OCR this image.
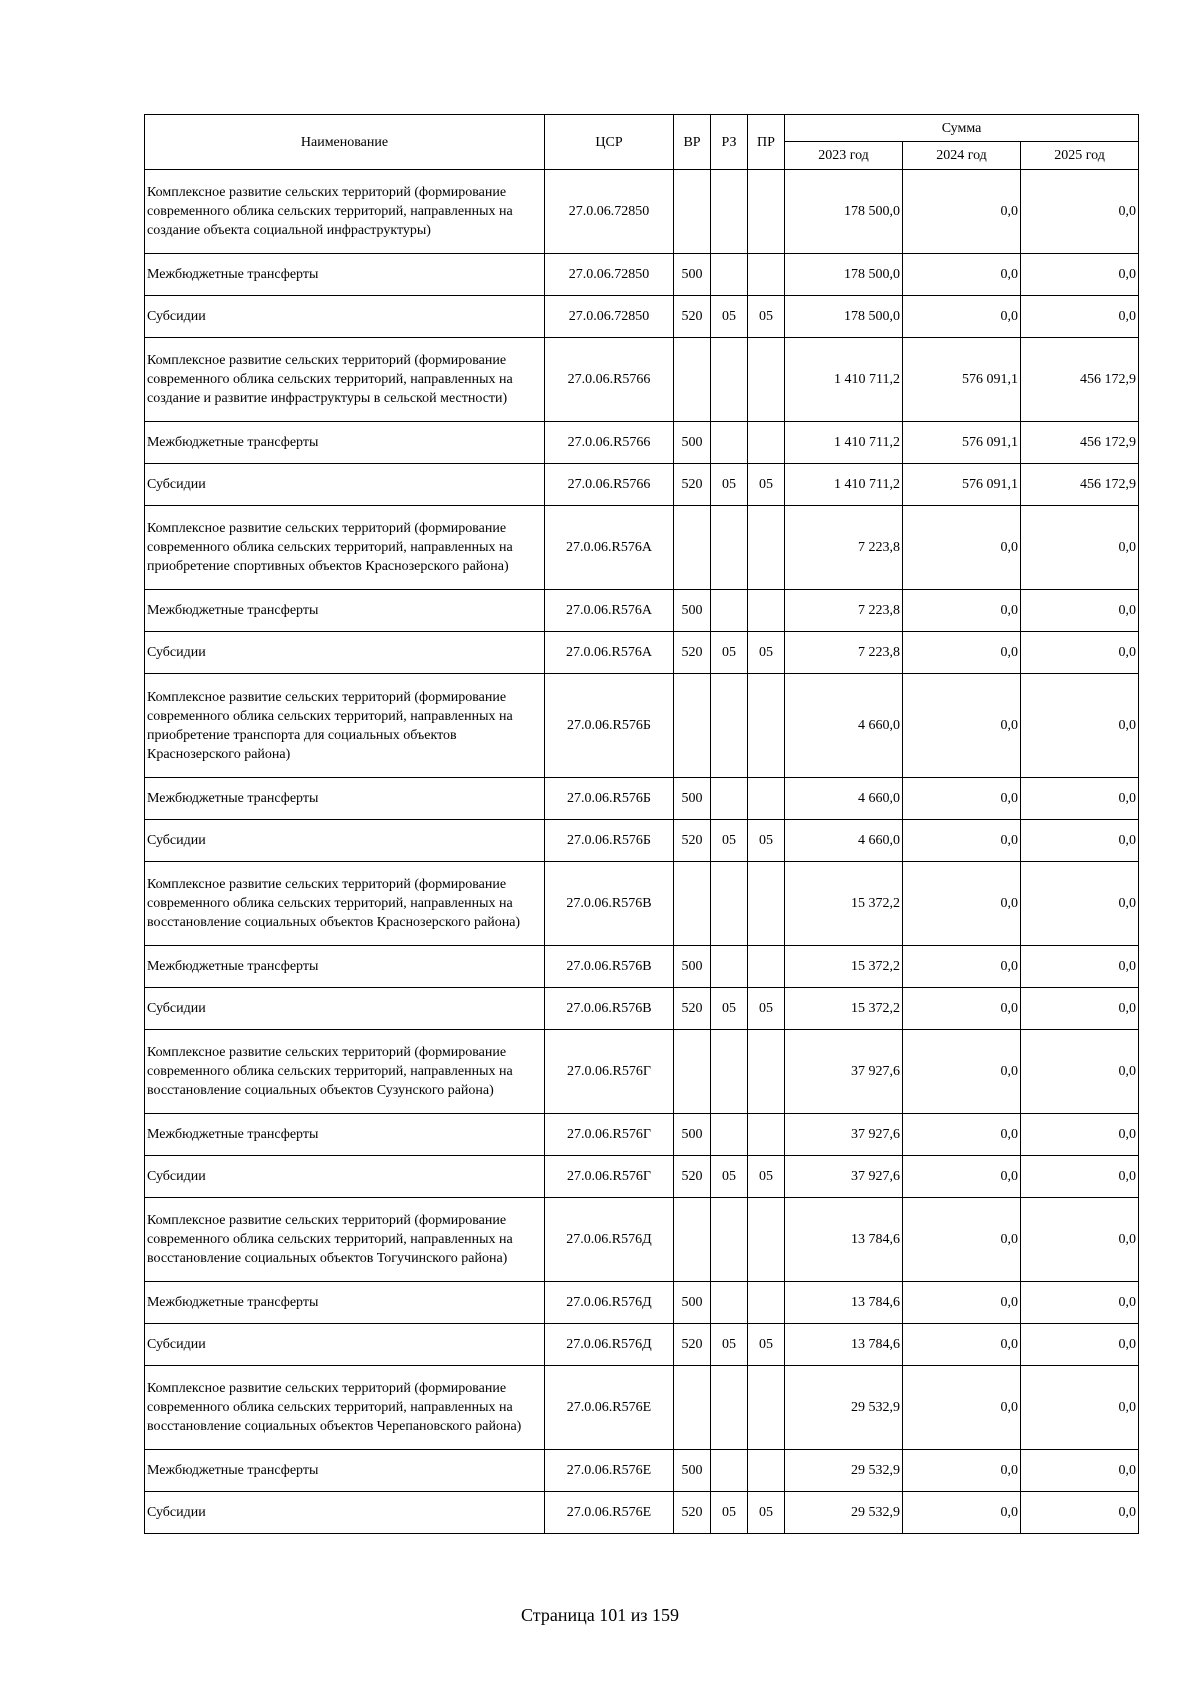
Наименование	ЦСР	ВР	РЗ	ПР	Сумма		
					2023 год	2024 год	2025 год
Комплексное развитие сельских территорий (формирование современного облика сельских территорий, направленных на создание объекта социальной инфраструктуры)	27.0.06.72850				178 500,0	0,0	0,0
Межбюджетные трансферты	27.0.06.72850	500			178 500,0	0,0	0,0
Субсидии	27.0.06.72850	520	05	05	178 500,0	0,0	0,0
Комплексное развитие сельских территорий (формирование современного облика сельских территорий, направленных на создание и развитие инфраструктуры в сельской местности)	27.0.06.R5766				1 410 711,2	576 091,1	456 172,9
Межбюджетные трансферты	27.0.06.R5766	500			1 410 711,2	576 091,1	456 172,9
Субсидии	27.0.06.R5766	520	05	05	1 410 711,2	576 091,1	456 172,9
Комплексное развитие сельских территорий (формирование современного облика сельских территорий, направленных на приобретение спортивных объектов Краснозерского района)	27.0.06.R576А				7 223,8	0,0	0,0
Межбюджетные трансферты	27.0.06.R576А	500			7 223,8	0,0	0,0
Субсидии	27.0.06.R576А	520	05	05	7 223,8	0,0	0,0
Комплексное развитие сельских территорий (формирование современного облика сельских территорий, направленных на приобретение транспорта для социальных объектов Краснозерского района)	27.0.06.R576Б				4 660,0	0,0	0,0
Межбюджетные трансферты	27.0.06.R576Б	500			4 660,0	0,0	0,0
Субсидии	27.0.06.R576Б	520	05	05	4 660,0	0,0	0,0
Комплексное развитие сельских территорий (формирование современного облика сельских территорий, направленных на восстановление социальных объектов Краснозерского района)	27.0.06.R576В				15 372,2	0,0	0,0
Межбюджетные трансферты	27.0.06.R576В	500			15 372,2	0,0	0,0
Субсидии	27.0.06.R576В	520	05	05	15 372,2	0,0	0,0
Комплексное развитие сельских территорий (формирование современного облика сельских территорий, направленных на восстановление социальных объектов Сузунского района)	27.0.06.R576Г				37 927,6	0,0	0,0
Межбюджетные трансферты	27.0.06.R576Г	500			37 927,6	0,0	0,0
Субсидии	27.0.06.R576Г	520	05	05	37 927,6	0,0	0,0
Комплексное развитие сельских территорий (формирование современного облика сельских территорий, направленных на восстановление социальных объектов Тогучинского района)	27.0.06.R576Д				13 784,6	0,0	0,0
Межбюджетные трансферты	27.0.06.R576Д	500			13 784,6	0,0	0,0
Субсидии	27.0.06.R576Д	520	05	05	13 784,6	0,0	0,0
Комплексное развитие сельских территорий (формирование современного облика сельских территорий, направленных на восстановление социальных объектов Черепановского района)	27.0.06.R576Е				29 532,9	0,0	0,0
Межбюджетные трансферты	27.0.06.R576Е	500			29 532,9	0,0	0,0
Субсидии	27.0.06.R576Е	520	05	05	29 532,9	0,0	0,0
Страница 101 из 159
